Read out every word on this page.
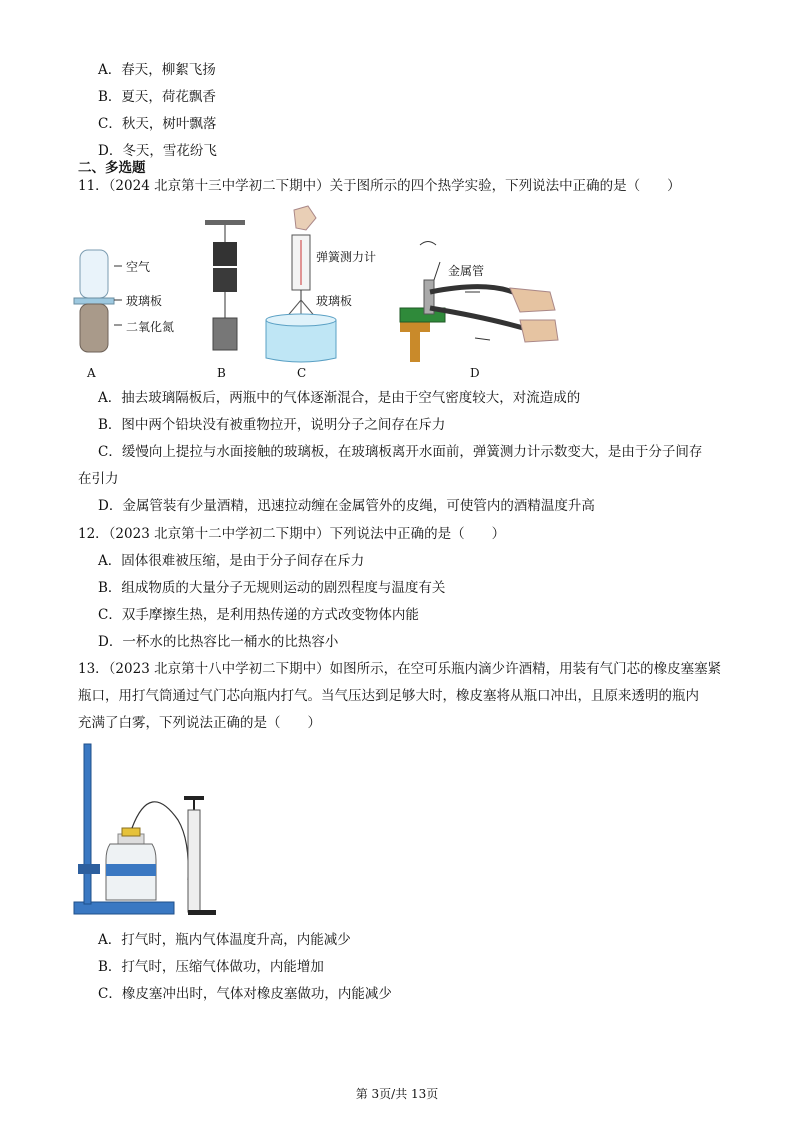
A．春天，柳絮飞扬
B．夏天，荷花飘香
C．秋天，树叶飘落
D．冬天，雪花纷飞
二、多选题
11．（2024 北京第十三中学初二下期中）关于图所示的四个热学实验，下列说法中正确的是（　　）
空气
玻璃板
二氧化氮
弹簧测力计
玻璃板
金属管
A	B	C	D
A．抽去玻璃隔板后，两瓶中的气体逐渐混合，是由于空气密度较大，对流造成的
B．图中两个铅块没有被重物拉开，说明分子之间存在斥力
C．缓慢向上提拉与水面接触的玻璃板，在玻璃板离开水面前，弹簧测力计示数变大，是由于分子间存
在引力
D．金属管装有少量酒精，迅速拉动缠在金属管外的皮绳，可使管内的酒精温度升高
12．（2023 北京第十二中学初二下期中）下列说法中正确的是（　　）
A．固体很难被压缩，是由于分子间存在斥力
B．组成物质的大量分子无规则运动的剧烈程度与温度有关
C．双手摩擦生热，是利用热传递的方式改变物体内能
D．一杯水的比热容比一桶水的比热容小
13．（2023 北京第十八中学初二下期中）如图所示，在空可乐瓶内滴少许酒精，用装有气门芯的橡皮塞塞紧
瓶口，用打气筒通过气门芯向瓶内打气。当气压达到足够大时，橡皮塞将从瓶口冲出，且原来透明的瓶内
充满了白雾，下列说法正确的是（　　）
A．打气时，瓶内气体温度升高，内能减少
B．打气时，压缩气体做功，内能增加
C．橡皮塞冲出时，气体对橡皮塞做功，内能减少
第 3页/共 13页
